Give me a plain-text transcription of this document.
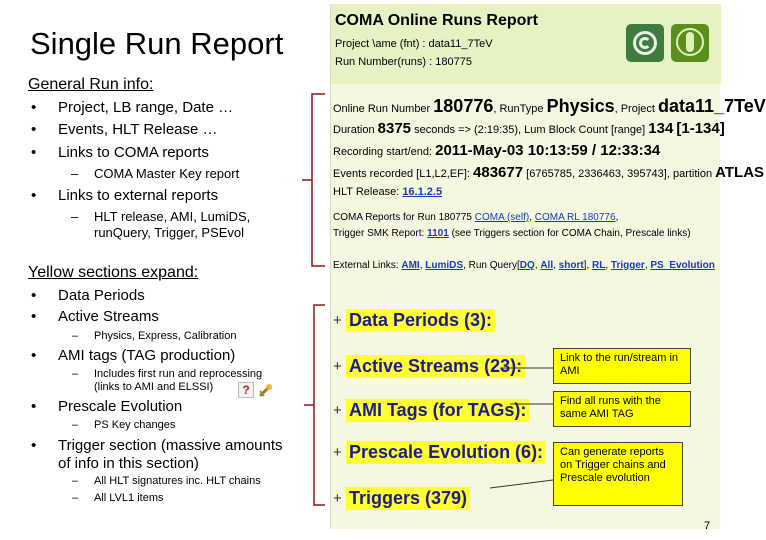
Single Run Report
General Run info:
• Project, LB range, Date …
• Events, HLT Release …
• Links to COMA reports
– COMA Master Key report
• Links to external reports
– HLT release, AMI, LumiDS,
runQuery, Trigger, PSEvol
Yellow sections expand:
• Data Periods
• Active Streams
– Physics, Express, Calibration
• AMI tags (TAG production)
– Includes first run and reprocessing
(links to AMI and ELSSI)	?
• Prescale Evolution
– PS Key changes
• Trigger section (massive amounts
of info in this section)
– All HLT signatures inc. HLT chains
– All LVL1 items
COMA Online Runs Report
Project \ame (fnt) : data11_7TeV
Run Number(runs) : 180775
Online Run Number 180776, RunType Physics, Project data11_7TeV
Duration 8375 seconds => (2:19:35), Lum Block Count [range] 134 [1-134]
Recording start/end: 2011-May-03 10:13:59 / 12:33:34
Events recorded [L1,L2,EF]: 483677 [6765785, 2336463, 395743], partition ATLAS
HLT Release: 16.1.2.5
COMA Reports for Run 180775 COMA (self), COMA RL 180776,
Trigger SMK Report: 1101 (see Triggers section for COMA Chain, Prescale links)
External Links: AMI, LumiDS, Run Query[DQ, All, short], RL, Trigger, PS_Evolution
+ Data Periods (3):
+ Active Streams (23):
+ AMI Tags (for TAGs):
+ Prescale Evolution (6):
+ Triggers (379)
Link to the run/stream in AMI
Find all runs with the same AMI TAG
Can generate reports on Trigger chains and Prescale evolution
7
